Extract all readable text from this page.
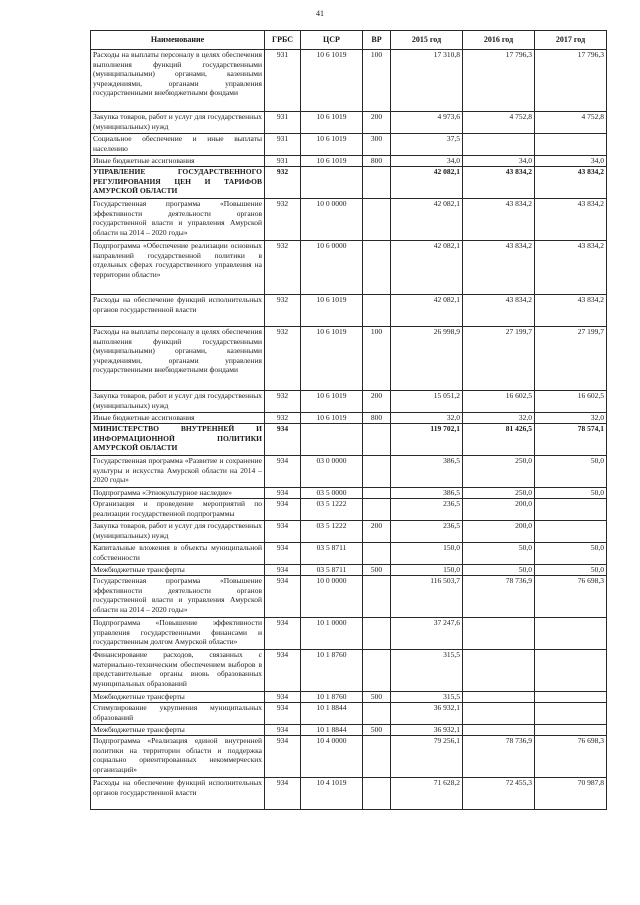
41
Наименование	ГРБС	ЦСР	ВР	2015 год	2016 год	2017 год
Расходы на выплаты персоналу в целях обеспечения выполнения функций государственными (муниципальными) органами, казенными учреждениями, органами управления государственными внебюджетными фондами	931	10 6 1019	100	17 310,8	17 796,3	17 796,3
Закупка товаров, работ и услуг для государственных (муниципальных) нужд	931	10 6 1019	200	4 973,6	4 752,8	4 752,8
Социальное обеспечение и иные выплаты населению	931	10 6 1019	300	37,5		
Иные бюджетные ассигнования	931	10 6 1019	800	34,0	34,0	34,0
УПРАВЛЕНИЕ ГОСУДАРСТВЕННОГО РЕГУЛИРОВАНИЯ ЦЕН И ТАРИФОВ АМУРСКОЙ ОБЛАСТИ	932			42 082,1	43 834,2	43 834,2
Государственная программа «Повышение эффективности деятельности органов государственной власти и управления Амурской области на 2014 – 2020 годы»	932	10 0 0000		42 082,1	43 834,2	43 834,2
Подпрограмма «Обеспечение реализации основных направлений государственной политики в отдельных сферах государственного управления на территории области»	932	10 6 0000		42 082,1	43 834,2	43 834,2
Расходы на обеспечение функций исполнительных органов государственной власти	932	10 6 1019		42 082,1	43 834,2	43 834,2
Расходы на выплаты персоналу в целях обеспечения выполнения функций государственными (муниципальными) органами, казенными учреждениями, органами управления государственными внебюджетными фондами	932	10 6 1019	100	26 998,9	27 199,7	27 199,7
Закупка товаров, работ и услуг для государственных (муниципальных) нужд	932	10 6 1019	200	15 051,2	16 602,5	16 602,5
Иные бюджетные ассигнования	932	10 6 1019	800	32,0	32,0	32,0
МИНИСТЕРСТВО ВНУТРЕННЕЙ И ИНФОРМАЦИОННОЙ ПОЛИТИКИ АМУРСКОЙ ОБЛАСТИ	934			119 702,1	81 426,5	78 574,1
Государственная программа «Развитие и сохранение культуры и искусства Амурской области на 2014 – 2020 годы»	934	03 0 0000		386,5	250,0	50,0
Подпрограмма «Этнокультурное наследие»	934	03 5 0000		386,5	250,0	50,0
Организация и проведение мероприятий по реализации государственной подпрограммы	934	03 5 1222		236,5	200,0	
Закупка товаров, работ и услуг для государственных (муниципальных) нужд	934	03 5 1222	200	236,5	200,0	
Капитальные вложения в объекты муниципальной собственности	934	03 5 8711		150,0	50,0	50,0
Межбюджетные трансферты	934	03 5 8711	500	150,0	50,0	50,0
Государственная программа «Повышение эффективности деятельности органов государственной власти и управления Амурской области на 2014 – 2020 годы»	934	10 0 0000		116 503,7	78 736,9	76 698,3
Подпрограмма «Повышение эффективности управления государственными финансами и государственным долгом Амурской области»	934	10 1 0000		37 247,6		
Финансирование расходов, связанных с материально-техническим обеспечением выборов в представительные органы вновь образованных муниципальных образований	934	10 1 8760		315,5		
Межбюджетные трансферты	934	10 1 8760	500	315,5		
Стимулирование укрупнения муниципальных образований	934	10 1 8844		36 932,1		
Межбюджетные трансферты	934	10 1 8844	500	36 932,1		
Подпрограмма «Реализация единой внутренней политики на территории области и поддержка социально ориентированных некоммерческих организаций»	934	10 4 0000		79 256,1	78 736,9	76 698,3
Расходы на обеспечение функций исполнительных органов государственной власти	934	10 4 1019		71 628,2	72 455,3	70 987,8
